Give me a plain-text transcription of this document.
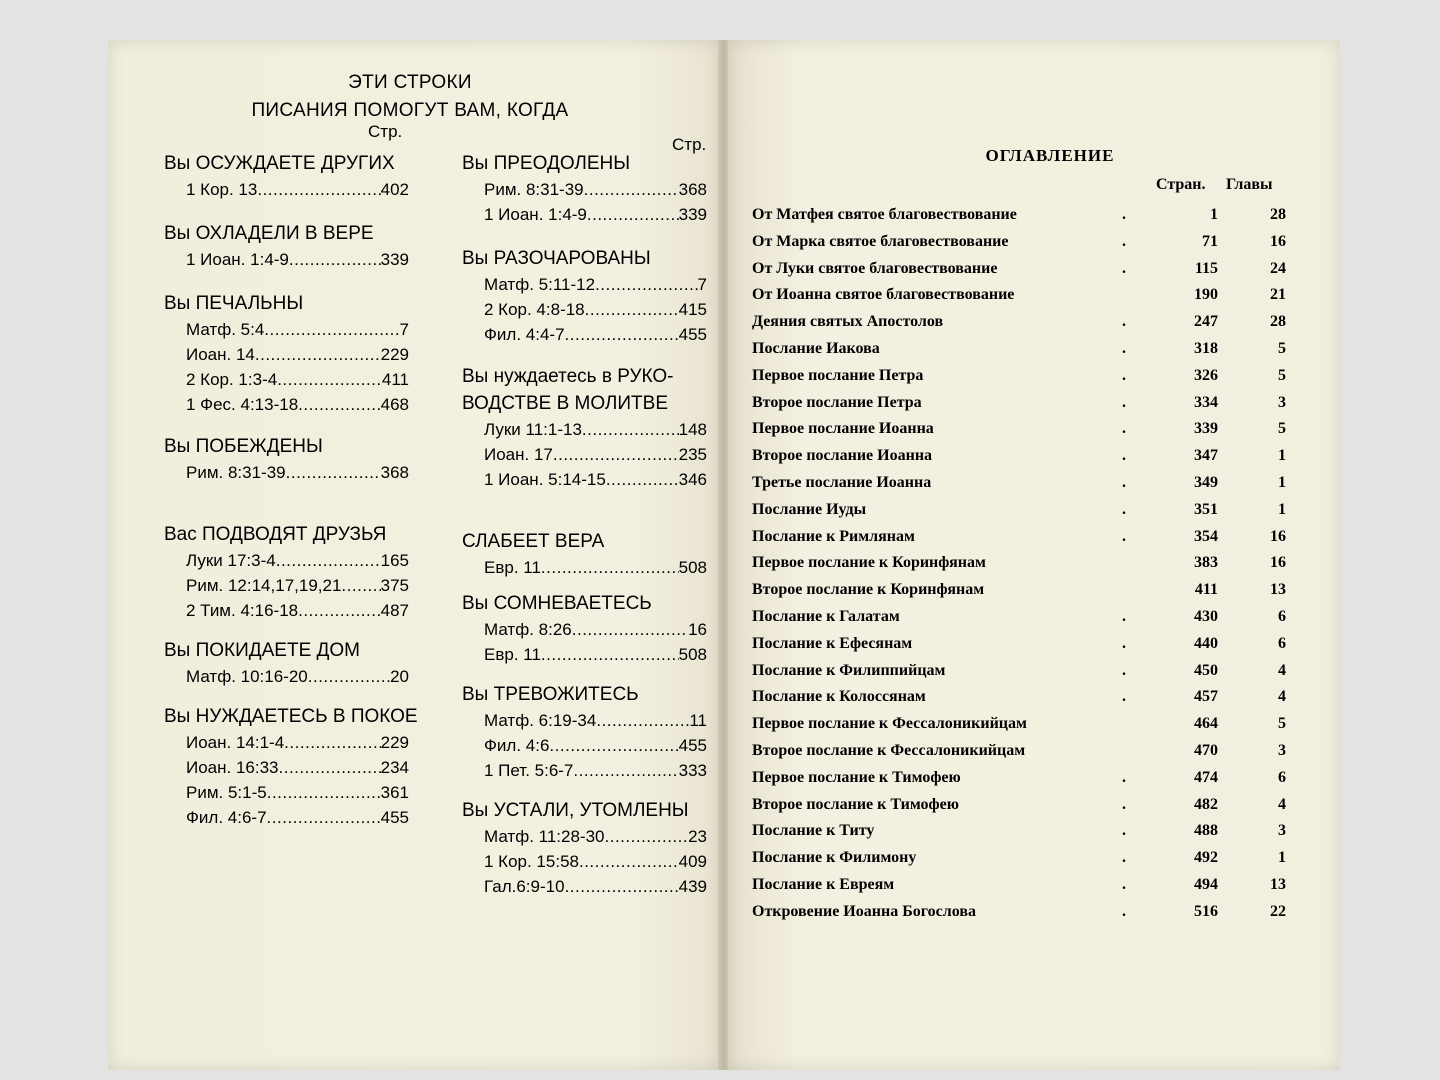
ЭТИ СТРОКИ
ПИСАНИЯ ПОМОГУТ ВАМ, КОГДА
Стр.
Стр.
Вы ОСУЖДАЕТЕ ДРУГИХ
1 Кор. 13 .....	402
Вы ОХЛАДЕЛИ В ВЕРЕ
1 Иоан. 1:4-9 .....	339
Вы ПЕЧАЛЬНЫ
Матф. 5:4 .....	7
Иоан. 14 .....	229
2 Кор. 1:3-4 .....	411
1 Фес. 4:13-18 .....	468
Вы ПОБЕЖДЕНЫ
Рим. 8:31-39 .....	368
Вас ПОДВОДЯТ ДРУЗЬЯ
Луки 17:3-4 .....	165
Рим. 12:14,17,19,21 ..... 375
2 Тим. 4:16-18 .....	487
Вы ПОКИДАЕТЕ ДОМ
Матф. 10:16-20 .....	20
Вы НУЖДАЕТЕСЬ В ПОКОЕ
Иоан. 14:1-4 .....	229
Иоан. 16:33 .....	234
Рим. 5:1-5 .....	361
Фил. 4:6-7 .....	455
Вы ПРЕОДОЛЕНЫ
Рим. 8:31-39 .....	368
1 Иоан. 1:4-9 .....	339
Вы РАЗОЧАРОВАНЫ
Матф. 5:11-12 .....	7
2 Кор. 4:8-18 .....	415
Фил. 4:4-7 .....	455
Вы нуждаетесь в РУКО-
ВОДСТВЕ В МОЛИТВЕ
Луки 11:1-13 .....	148
Иоан. 17 .....	235
1 Иоан. 5:14-15 .....	346
СЛАБЕЕТ ВЕРА
Евр. 11 .....	508
Вы СОМНЕВАЕТЕСЬ
Матф. 8:26 .....	16
Евр. 11 .....	508
Вы ТРЕВОЖИТЕСЬ
Матф. 6:19-34 .....	11
Фил. 4:6 .....	455
1 Пет. 5:6-7 .....	333
Вы УСТАЛИ, УТОМЛЕНЫ
Матф. 11:28-30 .....	23
1 Кор. 15:58 .....	409
Гал.6:9-10 .....	439
ОГЛАВЛЕНИЕ
Стран. Главы
От Матфея святое благовествование	.	1	28
От Марка святое благовествование	.	71	16
От Луки святое благовествование	.	115	24
От Иоанна святое благовествование	190	21
Деяния святых Апостолов	.	247	28
Послание Иакова	.	318	5
Первое послание Петра	.	326	5
Второе послание Петра	.	334	3
Первое послание Иоанна	.	339	5
Второе послание Иоанна	.	347	1
Третье послание Иоанна	.	349	1
Послание Иуды	.	351	1
Послание к Римлянам	.	354	16
Первое послание к Коринфянам	383	16
Второе послание к Коринфянам	411	13
Послание к Галатам	.	430	6
Послание к Ефесянам	.	440	6
Послание к Филиппийцам	.	450	4
Послание к Колоссянам	.	457	4
Первое послание к Фессалоникийцам	464	5
Второе послание к Фессалоникийцам	470	3
Первое послание к Тимофею	.	474	6
Второе послание к Тимофею	.	482	4
Послание к Титу	.	488	3
Послание к Филимону	.	492	1
Послание к Евреям	.	494	13
Откровение Иоанна Богослова	.	516	22
